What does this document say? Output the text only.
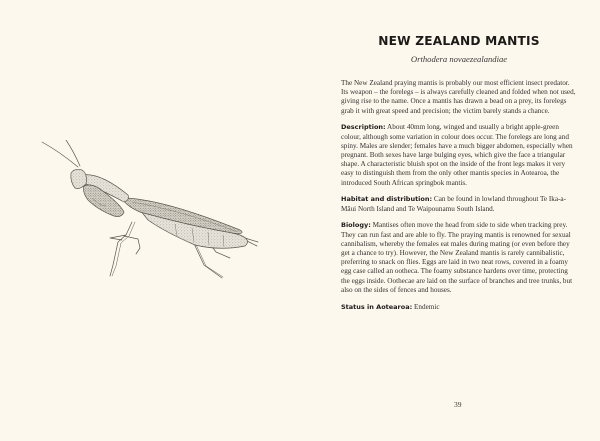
NEW ZEALAND MANTIS

Orthodera novaezealandiae

The New Zealand praying mantis is probably our most efficient insect predator. Its weapon – the forelegs – is always carefully cleaned and folded when not used, giving rise to the name. Once a mantis has drawn a bead on a prey, its forelegs grab it with great speed and precision; the victim barely stands a chance.

Description: About 40mm long, winged and usually a bright apple-green colour, although some variation in colour does occur. The forelegs are long and spiny. Males are slender; females have a much bigger abdomen, especially when pregnant. Both sexes have large bulging eyes, which give the face a triangular shape. A characteristic bluish spot on the inside of the front legs makes it very easy to distinguish them from the only other mantis species in Aotearoa, the introduced South African springbok mantis.

Habitat and distribution: Can be found in lowland throughout Te Ika-a-Māui North Island and Te Waipounamu South Island.

Biology: Mantises often move the head from side to side when tracking prey. They can run fast and are able to fly. The praying mantis is renowned for sexual cannibalism, whereby the females eat males during mating (or even before they get a chance to try). However, the New Zealand mantis is rarely cannibalistic, preferring to snack on flies. Eggs are laid in two neat rows, covered in a foamy egg case called an ootheca. The foamy substance hardens over time, protecting the eggs inside. Oothecae are laid on the surface of branches and tree trunks, but also on the sides of fences and houses.

Status in Aotearoa: Endemic

39
